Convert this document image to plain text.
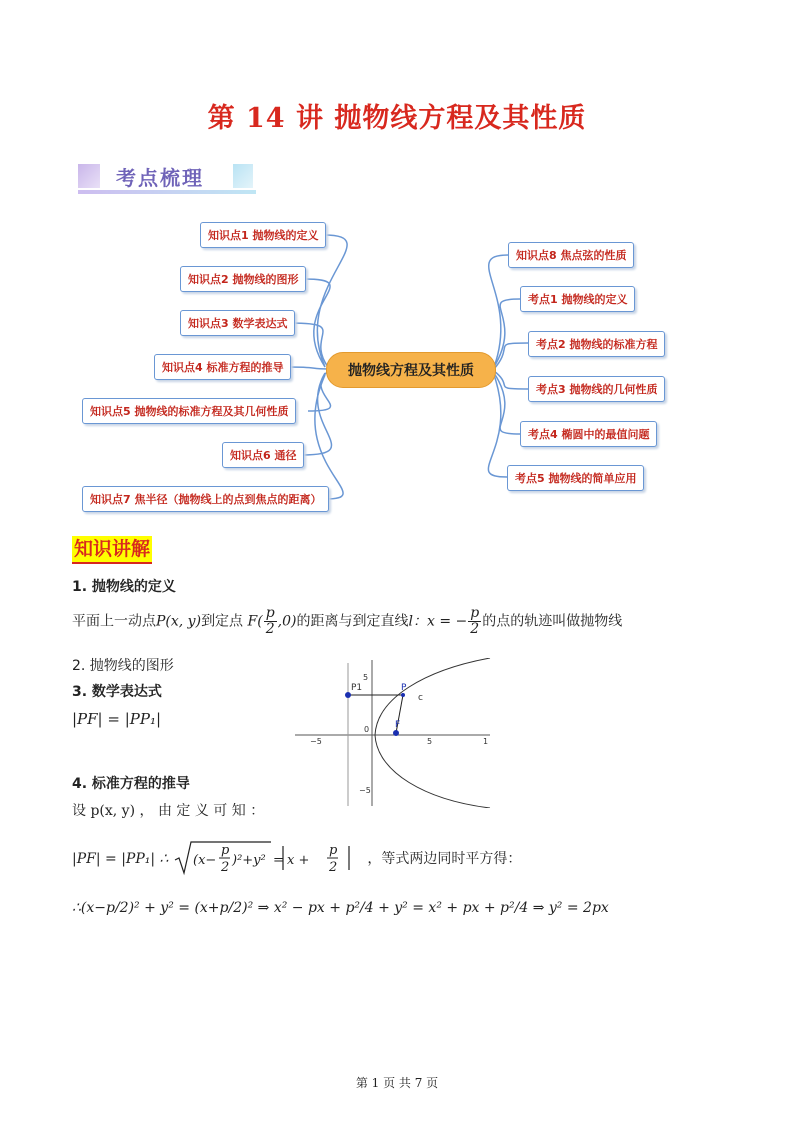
第 14 讲 抛物线方程及其性质
考点梳理
知识点1 抛物线的定义
知识点2 抛物线的图形
知识点3 数学表达式
知识点4 标准方程的推导
知识点5 抛物线的标准方程及其几何性质
知识点6 通径
知识点7 焦半径（抛物线上的点到焦点的距离）
知识点8 焦点弦的性质
考点1 抛物线的定义
考点2 抛物线的标准方程
考点3 抛物线的几何性质
考点4 椭圆中的最值问题
考点5 抛物线的简单应用
抛物线方程及其性质
知识讲解
1. 抛物线的定义
平面上一动点P(x, y)到定点 $F( \frac{p}{2} ,0)$的距离与到定直线l：x = − $\frac{p}{2}$ 的点的轨迹叫做抛物线
2. 抛物线的图形
3. 数学表达式
|PF| = |PP₁|
−5
0
5	1
5
−5
P1	P
F
c
4. 标准方程的推导
设 p(x, y) ， 由 定 义 可 知 ：
|PF| = |PP₁| ∴ (x−
p
2 )²+y² = x +
p
2
，等式两边同时平方得：
∴(x−p/2)² + y² = (x+p/2)² ⇒ x² − px + p²/4 + y² = x² + px + p²/4 ⇒ y² = 2px
第 1 页 共 7 页
